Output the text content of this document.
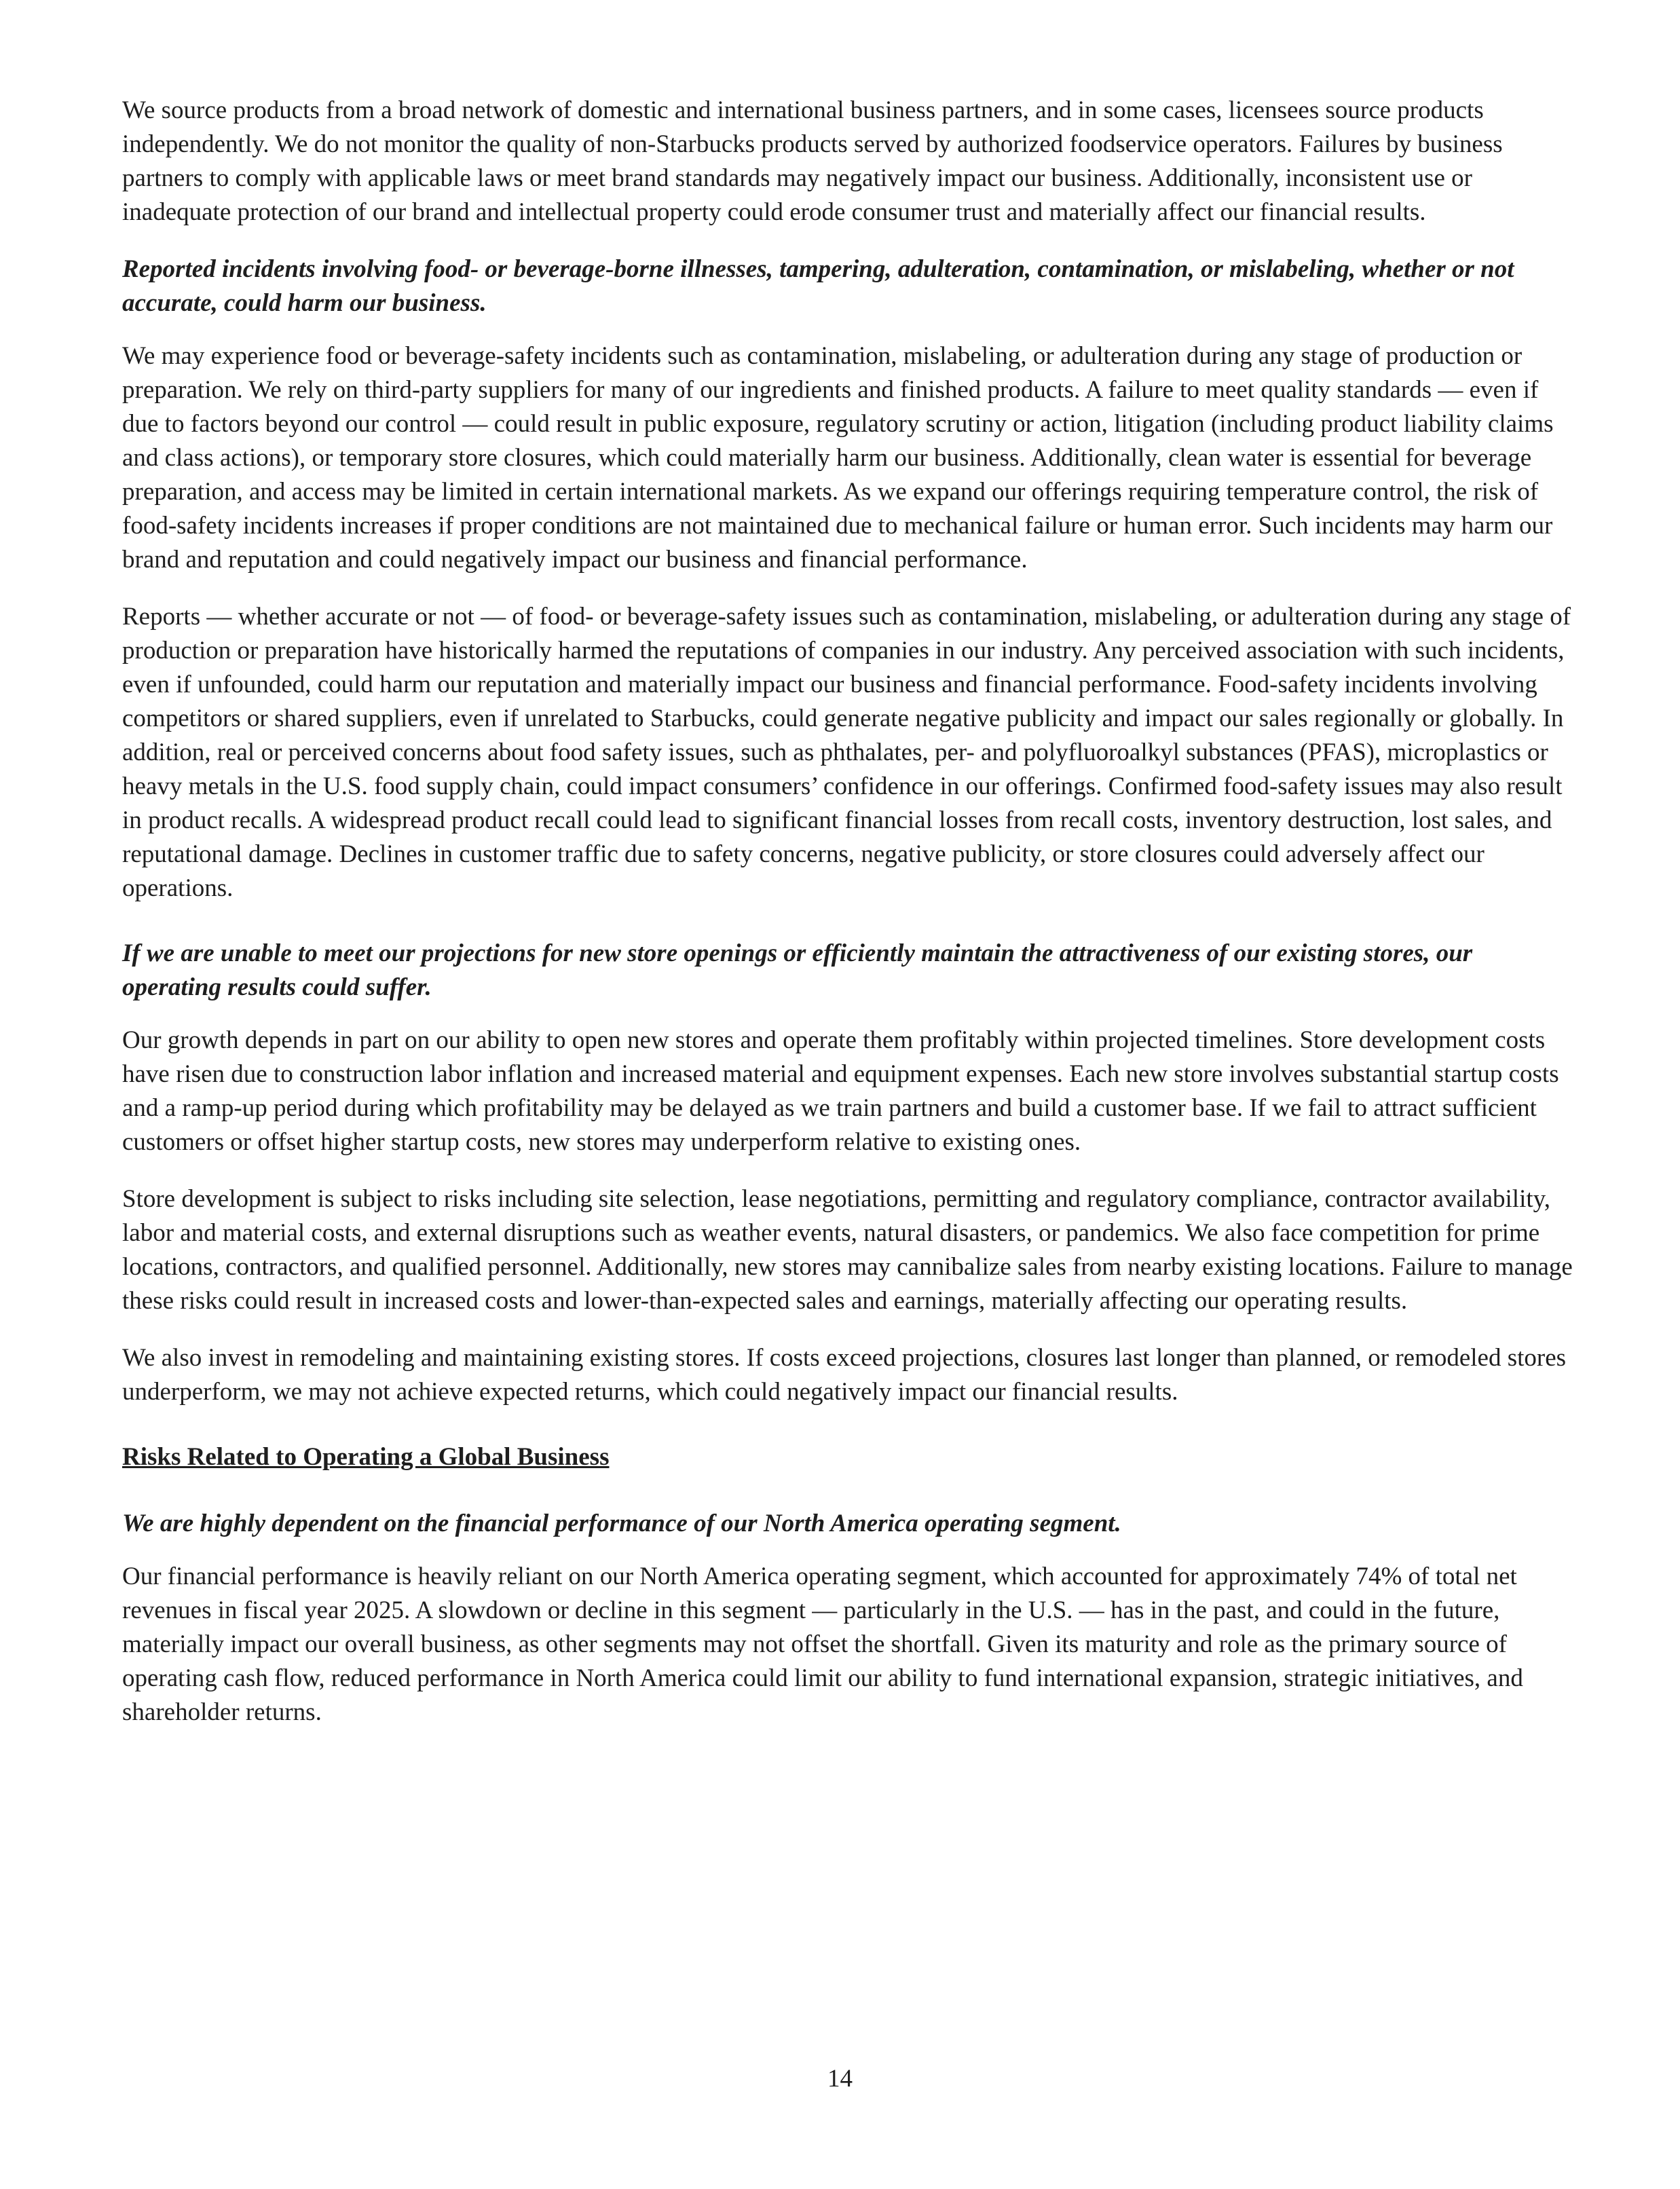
We source products from a broad network of domestic and international business partners, and in some cases, licensees source products independently. We do not monitor the quality of non-Starbucks products served by authorized foodservice operators. Failures by business partners to comply with applicable laws or meet brand standards may negatively impact our business. Additionally, inconsistent use or inadequate protection of our brand and intellectual property could erode consumer trust and materially affect our financial results.

Reported incidents involving food- or beverage-borne illnesses, tampering, adulteration, contamination, or mislabeling, whether or not accurate, could harm our business.

We may experience food or beverage-safety incidents such as contamination, mislabeling, or adulteration during any stage of production or preparation. We rely on third-party suppliers for many of our ingredients and finished products. A failure to meet quality standards — even if due to factors beyond our control — could result in public exposure, regulatory scrutiny or action, litigation (including product liability claims and class actions), or temporary store closures, which could materially harm our business. Additionally, clean water is essential for beverage preparation, and access may be limited in certain international markets. As we expand our offerings requiring temperature control, the risk of food-safety incidents increases if proper conditions are not maintained due to mechanical failure or human error. Such incidents may harm our brand and reputation and could negatively impact our business and financial performance.

Reports — whether accurate or not — of food- or beverage-safety issues such as contamination, mislabeling, or adulteration during any stage of production or preparation have historically harmed the reputations of companies in our industry. Any perceived association with such incidents, even if unfounded, could harm our reputation and materially impact our business and financial performance. Food-safety incidents involving competitors or shared suppliers, even if unrelated to Starbucks, could generate negative publicity and impact our sales regionally or globally. In addition, real or perceived concerns about food safety issues, such as phthalates, per- and polyfluoroalkyl substances (PFAS), microplastics or heavy metals in the U.S. food supply chain, could impact consumers’ confidence in our offerings. Confirmed food-safety issues may also result in product recalls. A widespread product recall could lead to significant financial losses from recall costs, inventory destruction, lost sales, and reputational damage. Declines in customer traffic due to safety concerns, negative publicity, or store closures could adversely affect our operations.

If we are unable to meet our projections for new store openings or efficiently maintain the attractiveness of our existing stores, our operating results could suffer.

Our growth depends in part on our ability to open new stores and operate them profitably within projected timelines. Store development costs have risen due to construction labor inflation and increased material and equipment expenses. Each new store involves substantial startup costs and a ramp-up period during which profitability may be delayed as we train partners and build a customer base. If we fail to attract sufficient customers or offset higher startup costs, new stores may underperform relative to existing ones.

Store development is subject to risks including site selection, lease negotiations, permitting and regulatory compliance, contractor availability, labor and material costs, and external disruptions such as weather events, natural disasters, or pandemics. We also face competition for prime locations, contractors, and qualified personnel. Additionally, new stores may cannibalize sales from nearby existing locations. Failure to manage these risks could result in increased costs and lower-than-expected sales and earnings, materially affecting our operating results.

We also invest in remodeling and maintaining existing stores. If costs exceed projections, closures last longer than planned, or remodeled stores underperform, we may not achieve expected returns, which could negatively impact our financial results.

Risks Related to Operating a Global Business

We are highly dependent on the financial performance of our North America operating segment.

Our financial performance is heavily reliant on our North America operating segment, which accounted for approximately 74% of total net revenues in fiscal year 2025. A slowdown or decline in this segment — particularly in the U.S. — has in the past, and could in the future, materially impact our overall business, as other segments may not offset the shortfall. Given its maturity and role as the primary source of operating cash flow, reduced performance in North America could limit our ability to fund international expansion, strategic initiatives, and shareholder returns.

14
